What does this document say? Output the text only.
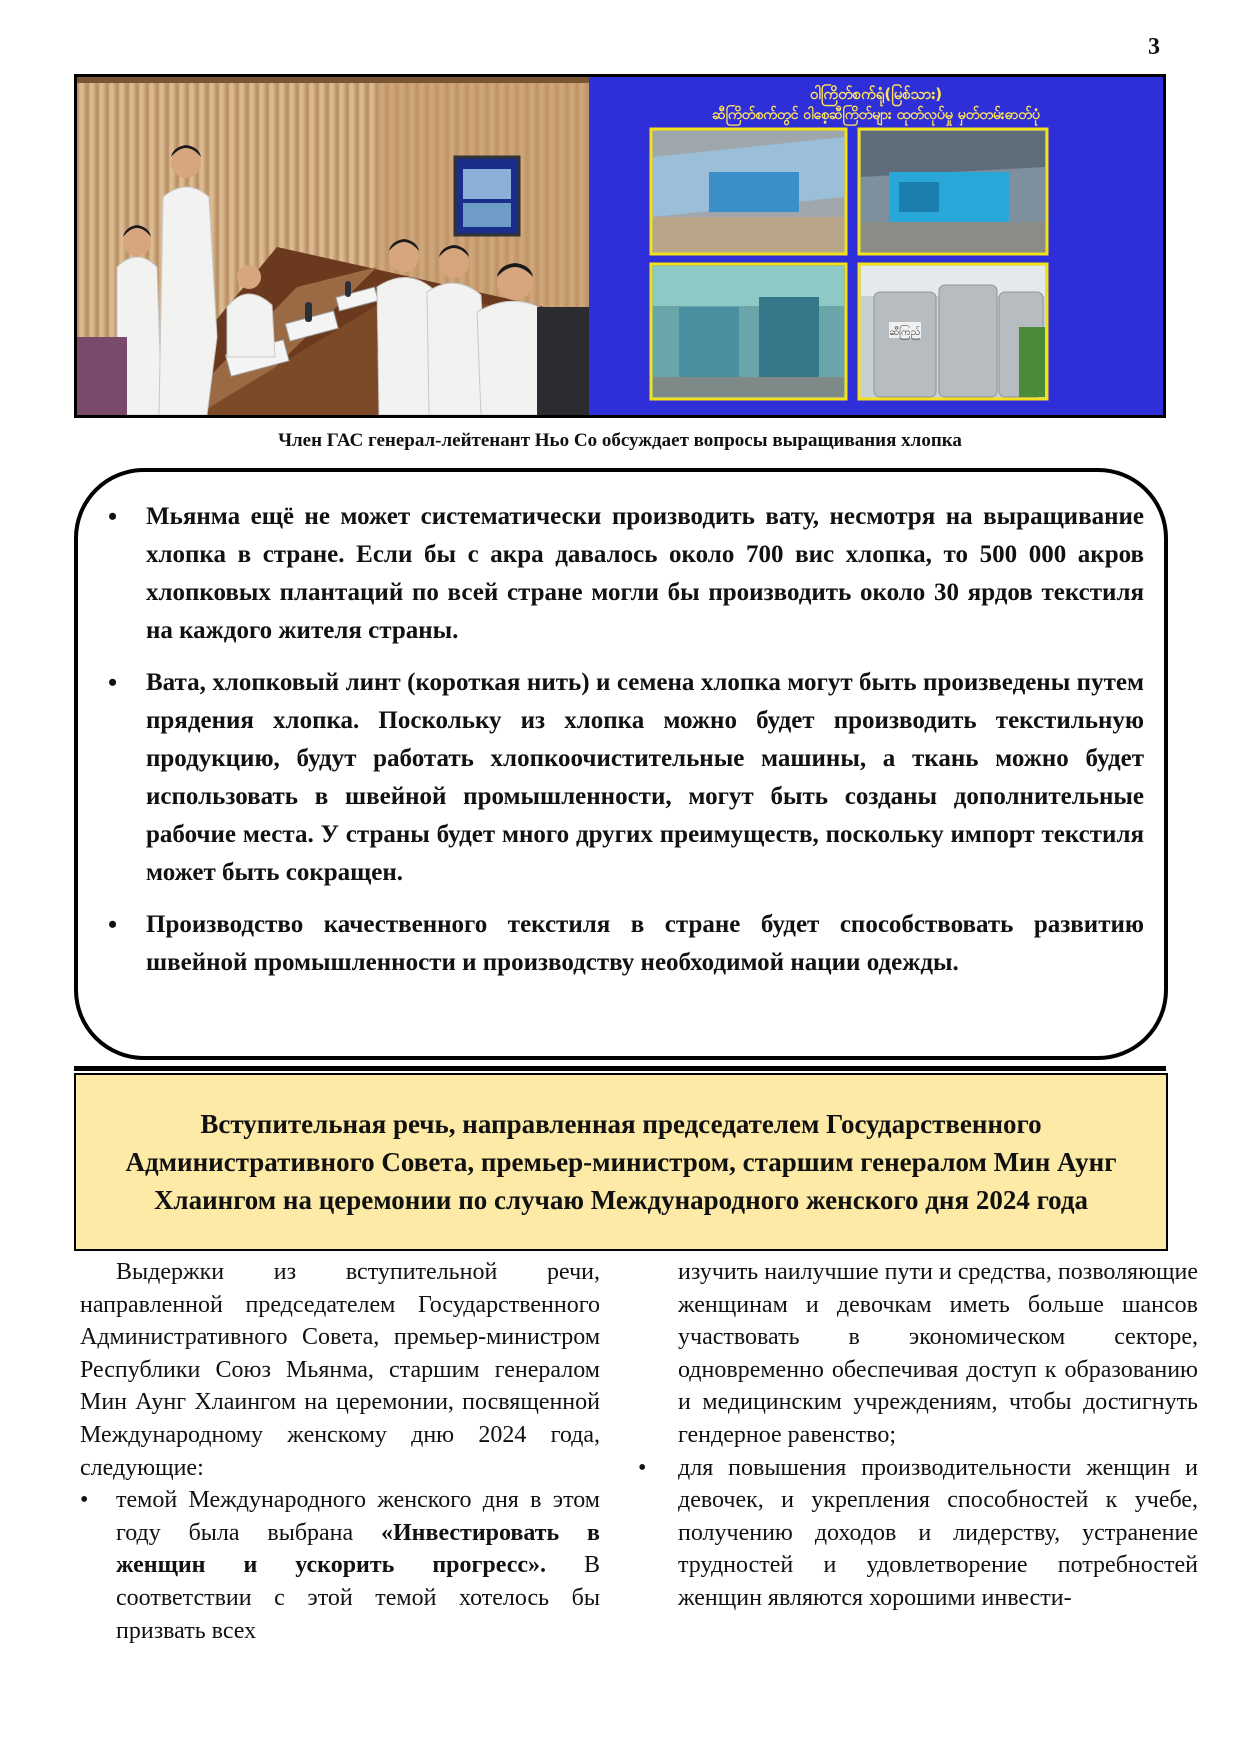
3
ဝါကြိတ်စက်ရုံ(မြစ်သား)
ဆီကြိတ်စက်တွင် ဝါစေ့ဆီကြိတ်များ ထုတ်လုပ်မှု မှတ်တမ်းဓာတ်ပုံ
ဆီကြည်
Член ГАС генерал-лейтенант Ньо Со обсуждает вопросы выращивания хлопка
• Мьянма ещё не может систематически производить вату, несмотря на выращивание хлопка в стране. Если бы с акра давалось около 700 вис хлопка, то 500 000 акров хлопковых плантаций по всей стране могли бы производить около 30 ярдов текстиля на каждого жителя страны.
• Вата, хлопковый линт (короткая нить) и семена хлопка могут быть произведены путем прядения хлопка. Поскольку из хлопка можно будет производить текстильную продукцию, будут работать хлопкоочистительные машины, а ткань можно будет использовать в швейной промышленности, могут быть созданы дополнительные рабочие места. У страны будет много других преимуществ, поскольку импорт текстиля может быть сокращен.
• Производство качественного текстиля в стране будет способствовать развитию швейной промышленности и производству необходимой нации одежды.
Вступительная речь, направленная председателем Государственного Административного Совета, премьер-министром, старшим генералом Мин Аунг Хлаингом на церемонии по случаю Международного женского дня 2024 года

Выдержки из вступительной речи, направленной председателем Государственного Административного Совета, премьер-министром Республики Союз Мьянма, старшим генералом Мин Аунг Хлаингом на церемонии, посвященной Международному женскому дню 2024 года, следующие:

• темой Международного женского дня в этом году была выбрана «Инвестировать в женщин и ускорить прогресс». В соответствии с этой темой хотелось бы призвать всех

изучить наилучшие пути и средства, позволяющие женщинам и девочкам иметь больше шансов участвовать в экономическом секторе, одновременно обеспечивая доступ к образованию и медицинским учреждениям, чтобы достигнуть гендерное равенство;

• для повышения производительности женщин и девочек, и укрепления способностей к учебе, получению доходов и лидерству, устранение трудностей и удовлетворение потребностей женщин являются хорошими инвести-
